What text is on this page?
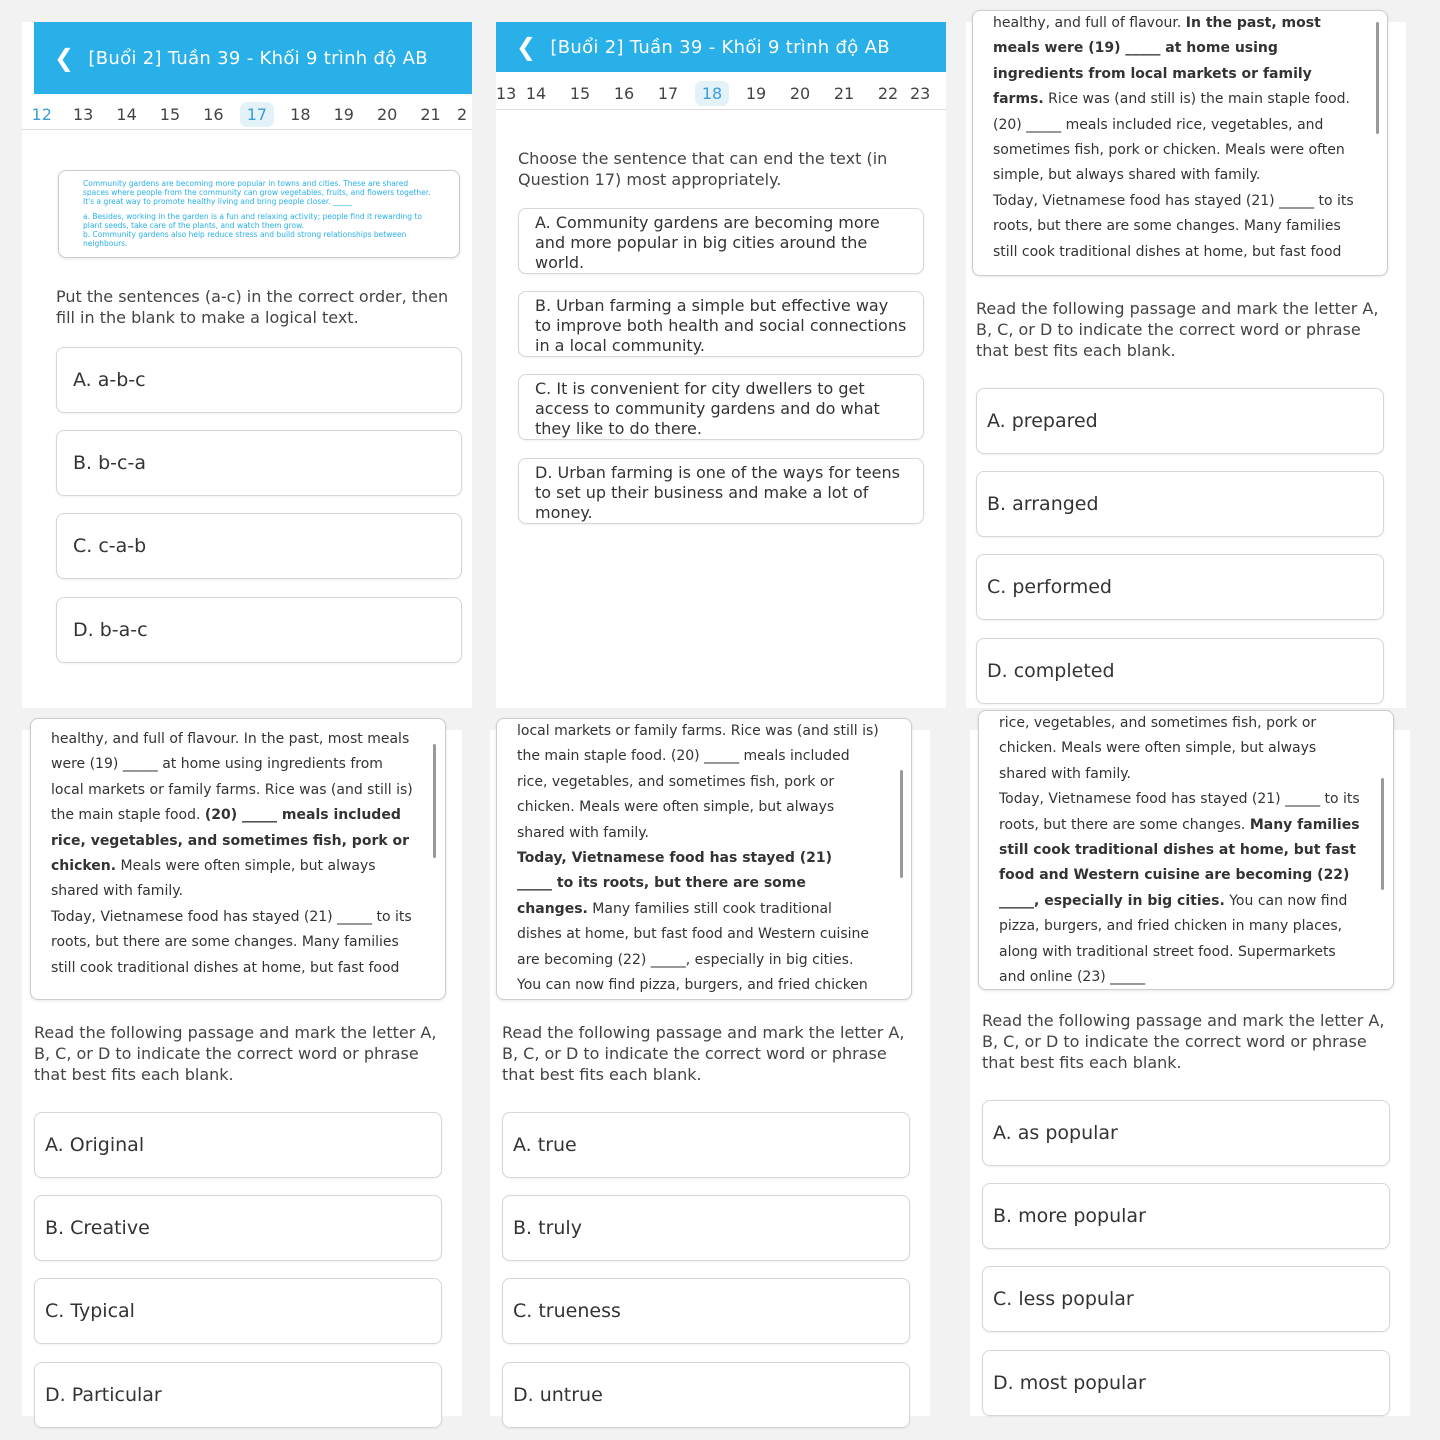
❮ [Buổi 2] Tuần 39 - Khối 9 trình độ AB
12	13	14	15	16	17	18	19	20	21	2

Community gardens are becoming more popular in towns and cities. These are shared spaces where people from the community can grow vegetables, fruits, and flowers together. It's a great way to promote healthy living and bring people closer. _____

a. Besides, working in the garden is a fun and relaxing activity; people find it rewarding to plant seeds, take care of the plants, and watch them grow.
b. Community gardens also help reduce stress and build strong relationships between neighbours.
Put the sentences (a-c) in the correct order, then fill in the blank to make a logical text.
A. a-b-c
B. b-c-a
C. c-a-b
D. b-a-c
❮ [Buổi 2] Tuần 39 - Khối 9 trình độ AB
13 14	15	16	17	18	19	20	21	22 23
Choose the sentence that can end the text (in Question 17) most appropriately.
A. Community gardens are becoming more and more popular in big cities around the world.
B. Urban farming a simple but effective way to improve both health and social connections in a local community.
C. It is convenient for city dwellers to get access to community gardens and do what they like to do there.
D. Urban farming is one of the ways for teens to set up their business and make a lot of money.
healthy, and full of flavour. In the past, most
meals were (19) _____ at home using
ingredients from local markets or family
farms. Rice was (and still is) the main staple food.
(20) _____ meals included rice, vegetables, and
sometimes fish, pork or chicken. Meals were often
simple, but always shared with family.
Today, Vietnamese food has stayed (21) _____ to its
roots, but there are some changes. Many families
still cook traditional dishes at home, but fast food
Read the following passage and mark the letter A, B, C, or D to indicate the correct word or phrase that best fits each blank.
A. prepared
B. arranged
C. performed
D. completed
healthy, and full of flavour. In the past, most meals
were (19) _____ at home using ingredients from
local markets or family farms. Rice was (and still is)
the main staple food. (20) _____ meals included
rice, vegetables, and sometimes fish, pork or
chicken. Meals were often simple, but always
shared with family.
Today, Vietnamese food has stayed (21) _____ to its
roots, but there are some changes. Many families
still cook traditional dishes at home, but fast food
Read the following passage and mark the letter A, B, C, or D to indicate the correct word or phrase that best fits each blank.
A. Original
B. Creative
C. Typical
D. Particular
local markets or family farms. Rice was (and still is)
the main staple food. (20) _____ meals included
rice, vegetables, and sometimes fish, pork or
chicken. Meals were often simple, but always
shared with family.
Today, Vietnamese food has stayed (21)
_____ to its roots, but there are some
changes. Many families still cook traditional
dishes at home, but fast food and Western cuisine
are becoming (22) _____, especially in big cities.
You can now find pizza, burgers, and fried chicken
Read the following passage and mark the letter A, B, C, or D to indicate the correct word or phrase that best fits each blank.
A. true
B. truly
C. trueness
D. untrue
rice, vegetables, and sometimes fish, pork or
chicken. Meals were often simple, but always
shared with family.
Today, Vietnamese food has stayed (21) _____ to its
roots, but there are some changes. Many families
still cook traditional dishes at home, but fast
food and Western cuisine are becoming (22)
_____, especially in big cities. You can now find
pizza, burgers, and fried chicken in many places,
along with traditional street food. Supermarkets
and online (23) _____
Read the following passage and mark the letter A, B, C, or D to indicate the correct word or phrase that best fits each blank.
A. as popular
B. more popular
C. less popular
D. most popular
